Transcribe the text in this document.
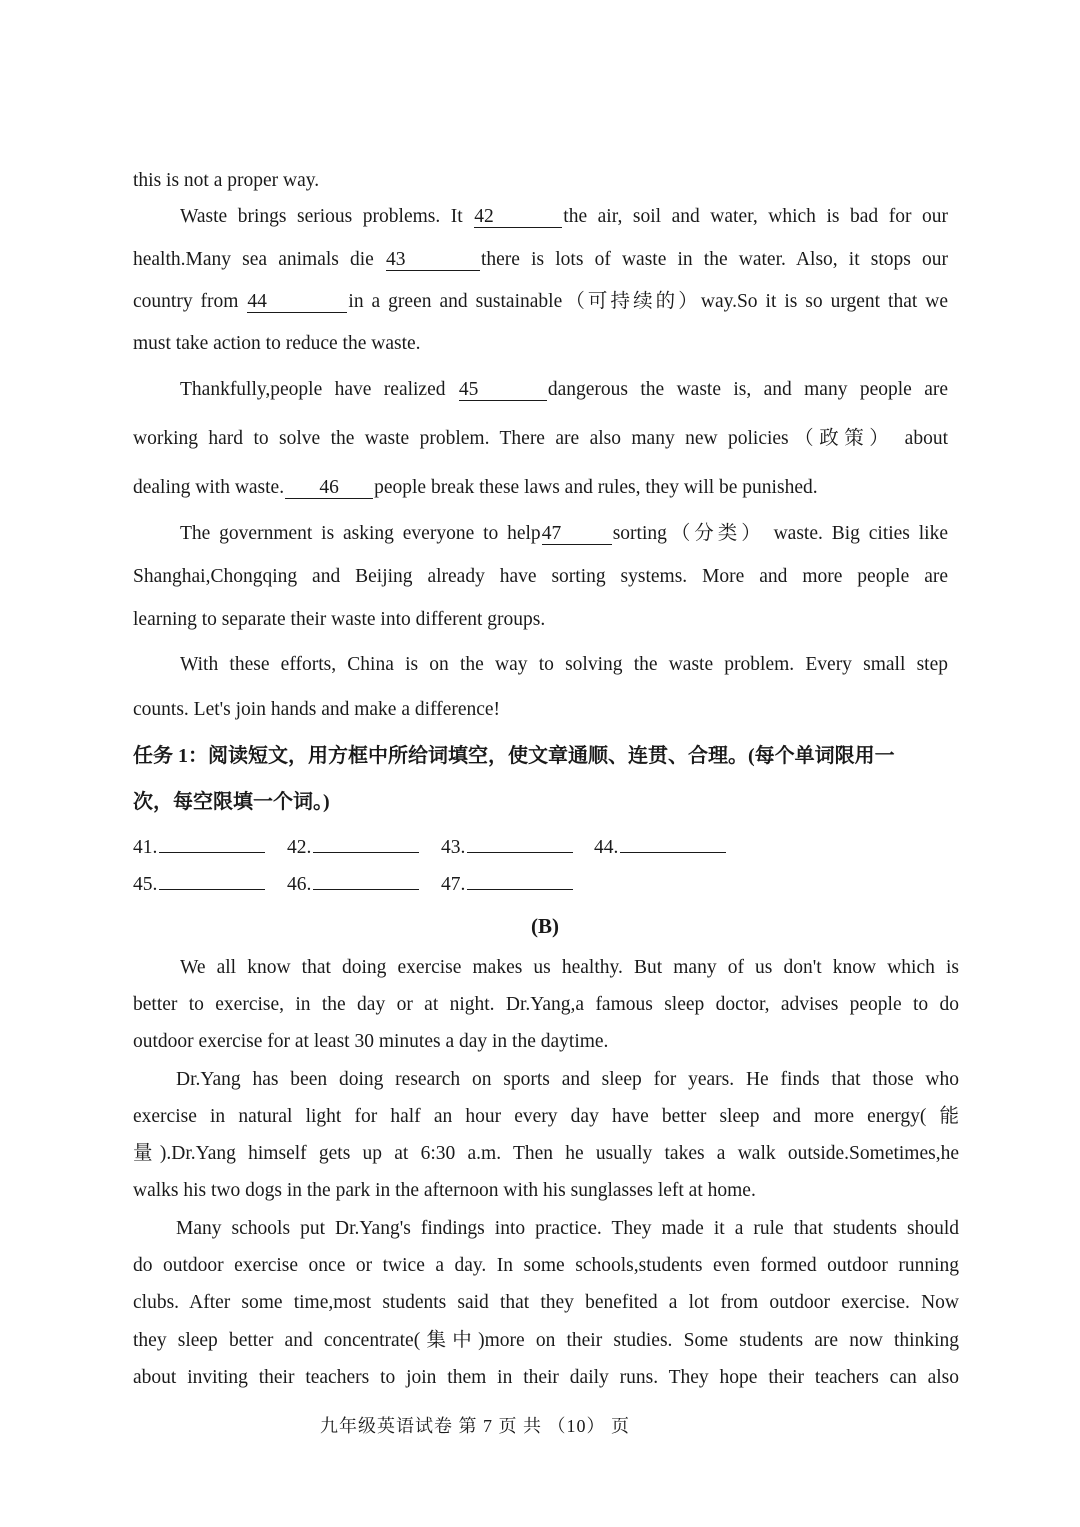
this is not a proper way.
Waste brings serious problems. It 42	the air, soil and water, which is bad for our
health.Many sea animals die 43	there is lots of waste in the water. Also, it stops our
country from 44	in a green and sustainable（可持续的）way.So it is so urgent that we
must take action to reduce the waste.
Thankfully,people have realized 45	dangerous the waste is, and many people are
working hard to solve the waste problem. There are also many new policies（政策） about
dealing with waste. 46 people break these laws and rules, they will be punished.
The government is asking everyone to help47	sorting（分类） waste. Big cities like
Shanghai,Chongqing and Beijing already have sorting systems. More and more people are
learning to separate their waste into different groups.
With these efforts, China is on the way to solving the waste problem. Every small step
counts. Let's join hands and make a difference!
任务 1：阅读短文，用方框中所给词填空，使文章通顺、连贯、合理。(每个单词限用一
次，每空限填一个词。)
41.	42.	43.	44.
45.	46.	47.
(B)
We all know that doing exercise makes us healthy. But many of us don't know which is
better to exercise, in the day or at night. Dr.Yang,a famous sleep doctor, advises people to do
outdoor exercise for at least 30 minutes a day in the daytime.
Dr.Yang has been doing research on sports and sleep for years. He finds that those who
exercise in natural light for half an hour every day have better sleep and more energy( 能
量).Dr.Yang himself gets up at 6:30 a.m. Then he usually takes a walk outside.Sometimes,he
walks his two dogs in the park in the afternoon with his sunglasses left at home.
Many schools put Dr.Yang's findings into practice. They made it a rule that students should
do outdoor exercise once or twice a day. In some schools,students even formed outdoor running
clubs. After some time,most students said that they benefited a lot from outdoor exercise. Now
they sleep better and concentrate(集中)more on their studies. Some students are now thinking
about inviting their teachers to join them in their daily runs. They hope their teachers can also
九年级英语试卷 第 7 页 共 （10） 页
